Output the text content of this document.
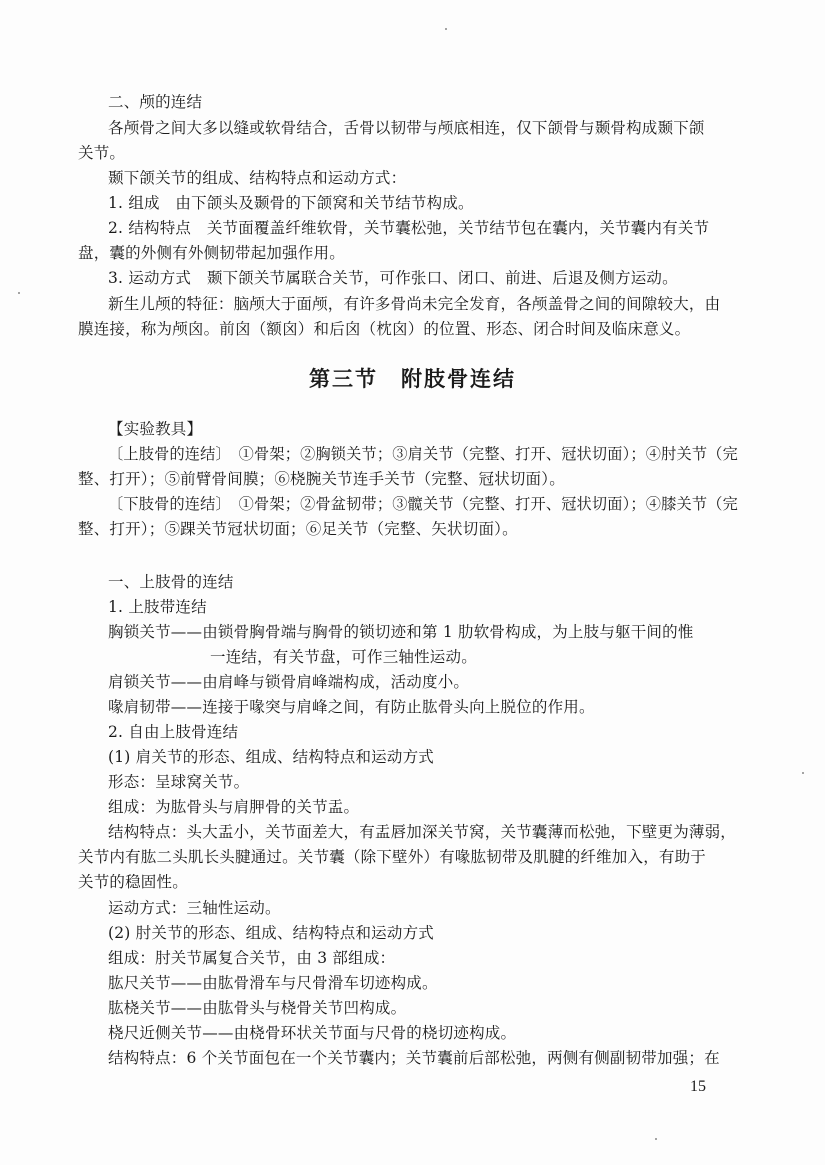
二、颅的连结
各颅骨之间大多以缝或软骨结合，舌骨以韧带与颅底相连，仅下颌骨与颞骨构成颞下颌
关节。
颞下颌关节的组成、结构特点和运动方式：
1. 组成　由下颌头及颞骨的下颌窝和关节结节构成。
2. 结构特点　关节面覆盖纤维软骨，关节囊松弛，关节结节包在囊内，关节囊内有关节
盘，囊的外侧有外侧韧带起加强作用。
3. 运动方式　颞下颌关节属联合关节，可作张口、闭口、前进、后退及侧方运动。
新生儿颅的特征：脑颅大于面颅，有许多骨尚未完全发育，各颅盖骨之间的间隙较大，由
膜连接，称为颅囟。前囟（额囟）和后囟（枕囟）的位置、形态、闭合时间及临床意义。
第三节　附肢骨连结
【实验教具】
〔上肢骨的连结〕　①骨架；②胸锁关节；③肩关节（完整、打开、冠状切面）；④肘关节（完
整、打开）；⑤前臂骨间膜；⑥桡腕关节连手关节（完整、冠状切面）。
〔下肢骨的连结〕　①骨架；②骨盆韧带；③髋关节（完整、打开、冠状切面）；④膝关节（完
整、打开）；⑤踝关节冠状切面；⑥足关节（完整、矢状切面）。
一、上肢骨的连结
1. 上肢带连结
胸锁关节——由锁骨胸骨端与胸骨的锁切迹和第 1 肋软骨构成，为上肢与躯干间的惟
一连结，有关节盘，可作三轴性运动。
肩锁关节——由肩峰与锁骨肩峰端构成，活动度小。
喙肩韧带——连接于喙突与肩峰之间，有防止肱骨头向上脱位的作用。
2. 自由上肢骨连结
(1) 肩关节的形态、组成、结构特点和运动方式
形态：呈球窝关节。
组成：为肱骨头与肩胛骨的关节盂。
结构特点：头大盂小，关节面差大，有盂唇加深关节窝，关节囊薄而松弛，下壁更为薄弱，
关节内有肱二头肌长头腱通过。关节囊（除下壁外）有喙肱韧带及肌腱的纤维加入，有助于
关节的稳固性。
运动方式：三轴性运动。
(2) 肘关节的形态、组成、结构特点和运动方式
组成：肘关节属复合关节，由 3 部组成：
肱尺关节——由肱骨滑车与尺骨滑车切迹构成。
肱桡关节——由肱骨头与桡骨关节凹构成。
桡尺近侧关节——由桡骨环状关节面与尺骨的桡切迹构成。
结构特点：6 个关节面包在一个关节囊内；关节囊前后部松弛，两侧有侧副韧带加强；在
15
